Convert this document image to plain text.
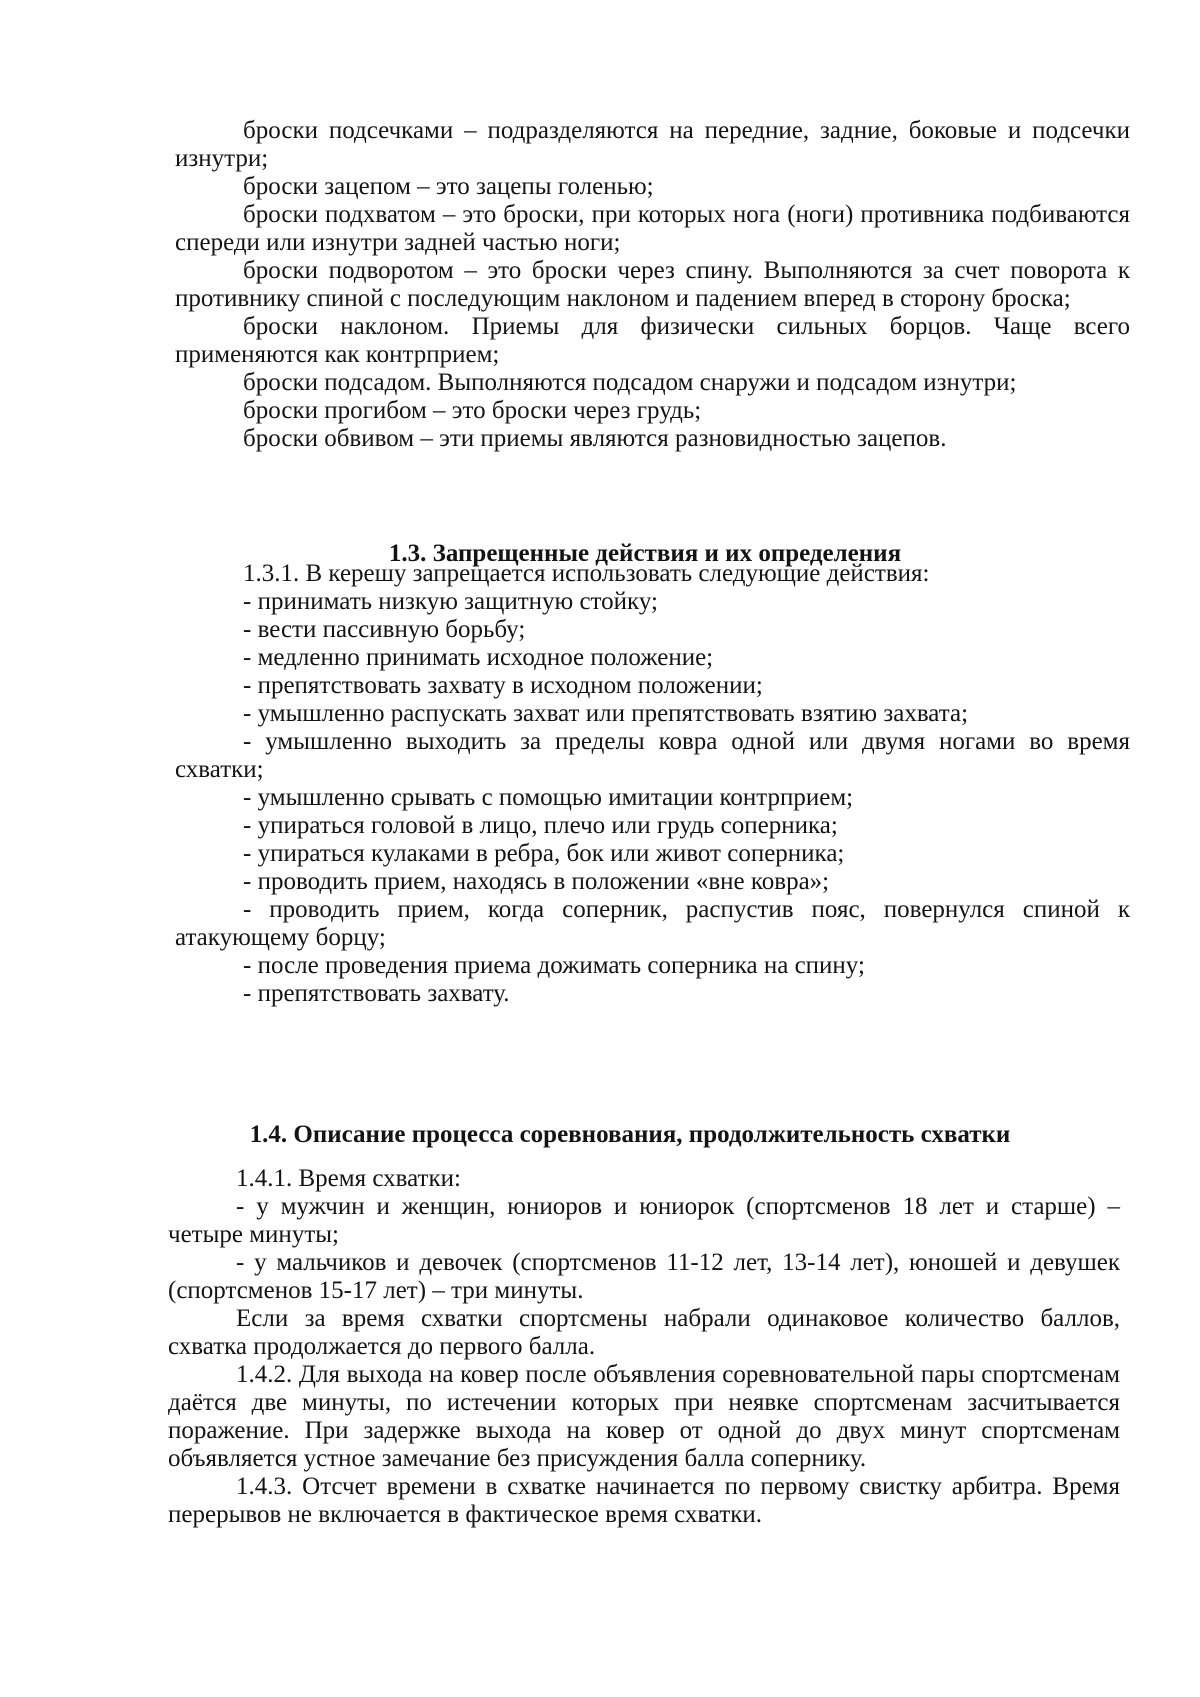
броски подсечками – подразделяются на передние, задние, боковые и подсечки изнутри;

броски зацепом – это зацепы голенью;

броски подхватом – это броски, при которых нога (ноги) противника подбиваются спереди или изнутри задней частью ноги;

броски подворотом – это броски через спину. Выполняются за счет поворота к противнику спиной с последующим наклоном и падением вперед в сторону броска;

броски наклоном. Приемы для физически сильных борцов. Чаще всего применяются как контрприем;

броски подсадом. Выполняются подсадом снаружи и подсадом изнутри;

броски прогибом – это броски через грудь;

броски обвивом – эти приемы являются разновидностью зацепов.

1.3. Запрещенные действия и их определения

1.3.1. В керешу запрещается использовать следующие действия:

- принимать низкую защитную стойку;

- вести пассивную борьбу;

- медленно принимать исходное положение;

- препятствовать захвату в исходном положении;

- умышленно распускать захват или препятствовать взятию захвата;

- умышленно выходить за пределы ковра одной или двумя ногами во время схватки;

- умышленно срывать с помощью имитации контрприем;

- упираться головой в лицо, плечо или грудь соперника;

- упираться кулаками в ребра, бок или живот соперника;

- проводить прием, находясь в положении «вне ковра»;

- проводить прием, когда соперник, распустив пояс, повернулся спиной к атакующему борцу;

- после проведения приема дожимать соперника на спину;

- препятствовать захвату.

1.4. Описание процесса соревнования, продолжительность схватки

1.4.1. Время схватки:

- у мужчин и женщин, юниоров и юниорок (спортсменов 18 лет и старше) – четыре минуты;

- у мальчиков и девочек (спортсменов 11-12 лет, 13-14 лет), юношей и девушек (спортсменов 15-17 лет) – три минуты.

Если за время схватки спортсмены набрали одинаковое количество баллов, схватка продолжается до первого балла.

1.4.2. Для выхода на ковер после объявления соревновательной пары спортсменам даётся две минуты, по истечении которых при неявке спортсменам засчитывается поражение. При задержке выхода на ковер от одной до двух минут спортсменам объявляется устное замечание без присуждения балла сопернику.

1.4.3. Отсчет времени в схватке начинается по первому свистку арбитра. Время перерывов не включается в фактическое время схватки.
